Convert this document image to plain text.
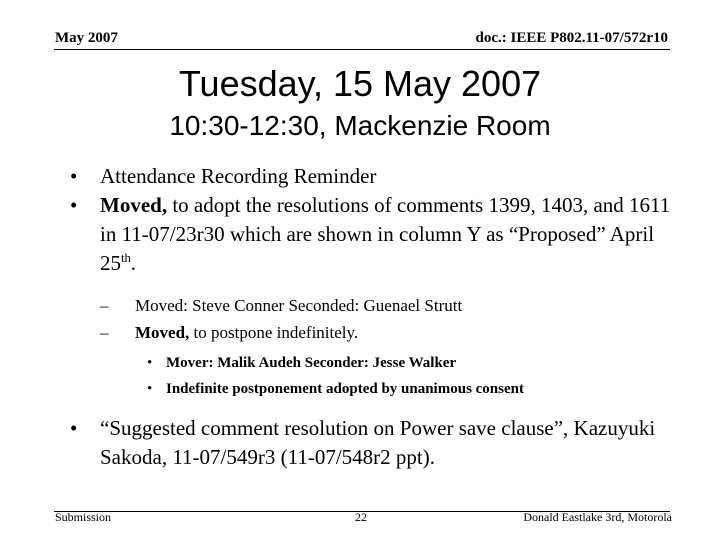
May 2007	doc.: IEEE P802.11-07/572r10
Tuesday, 15 May 2007
10:30-12:30, Mackenzie Room
• Attendance Recording Reminder
• Moved, to adopt the resolutions of comments 1399, 1403, and 1611 in 11-07/23r30 which are shown in column Y as “Proposed” April 25th.
– Moved: Steve Conner Seconded: Guenael Strutt
– Moved, to postpone indefinitely.
• Mover: Malik Audeh Seconder: Jesse Walker
• Indefinite postponement adopted by unanimous consent
• “Suggested comment resolution on Power save clause”, Kazuyuki Sakoda, 11-07/549r3 (11-07/548r2 ppt).
Submission	22	Donald Eastlake 3rd, Motorola
